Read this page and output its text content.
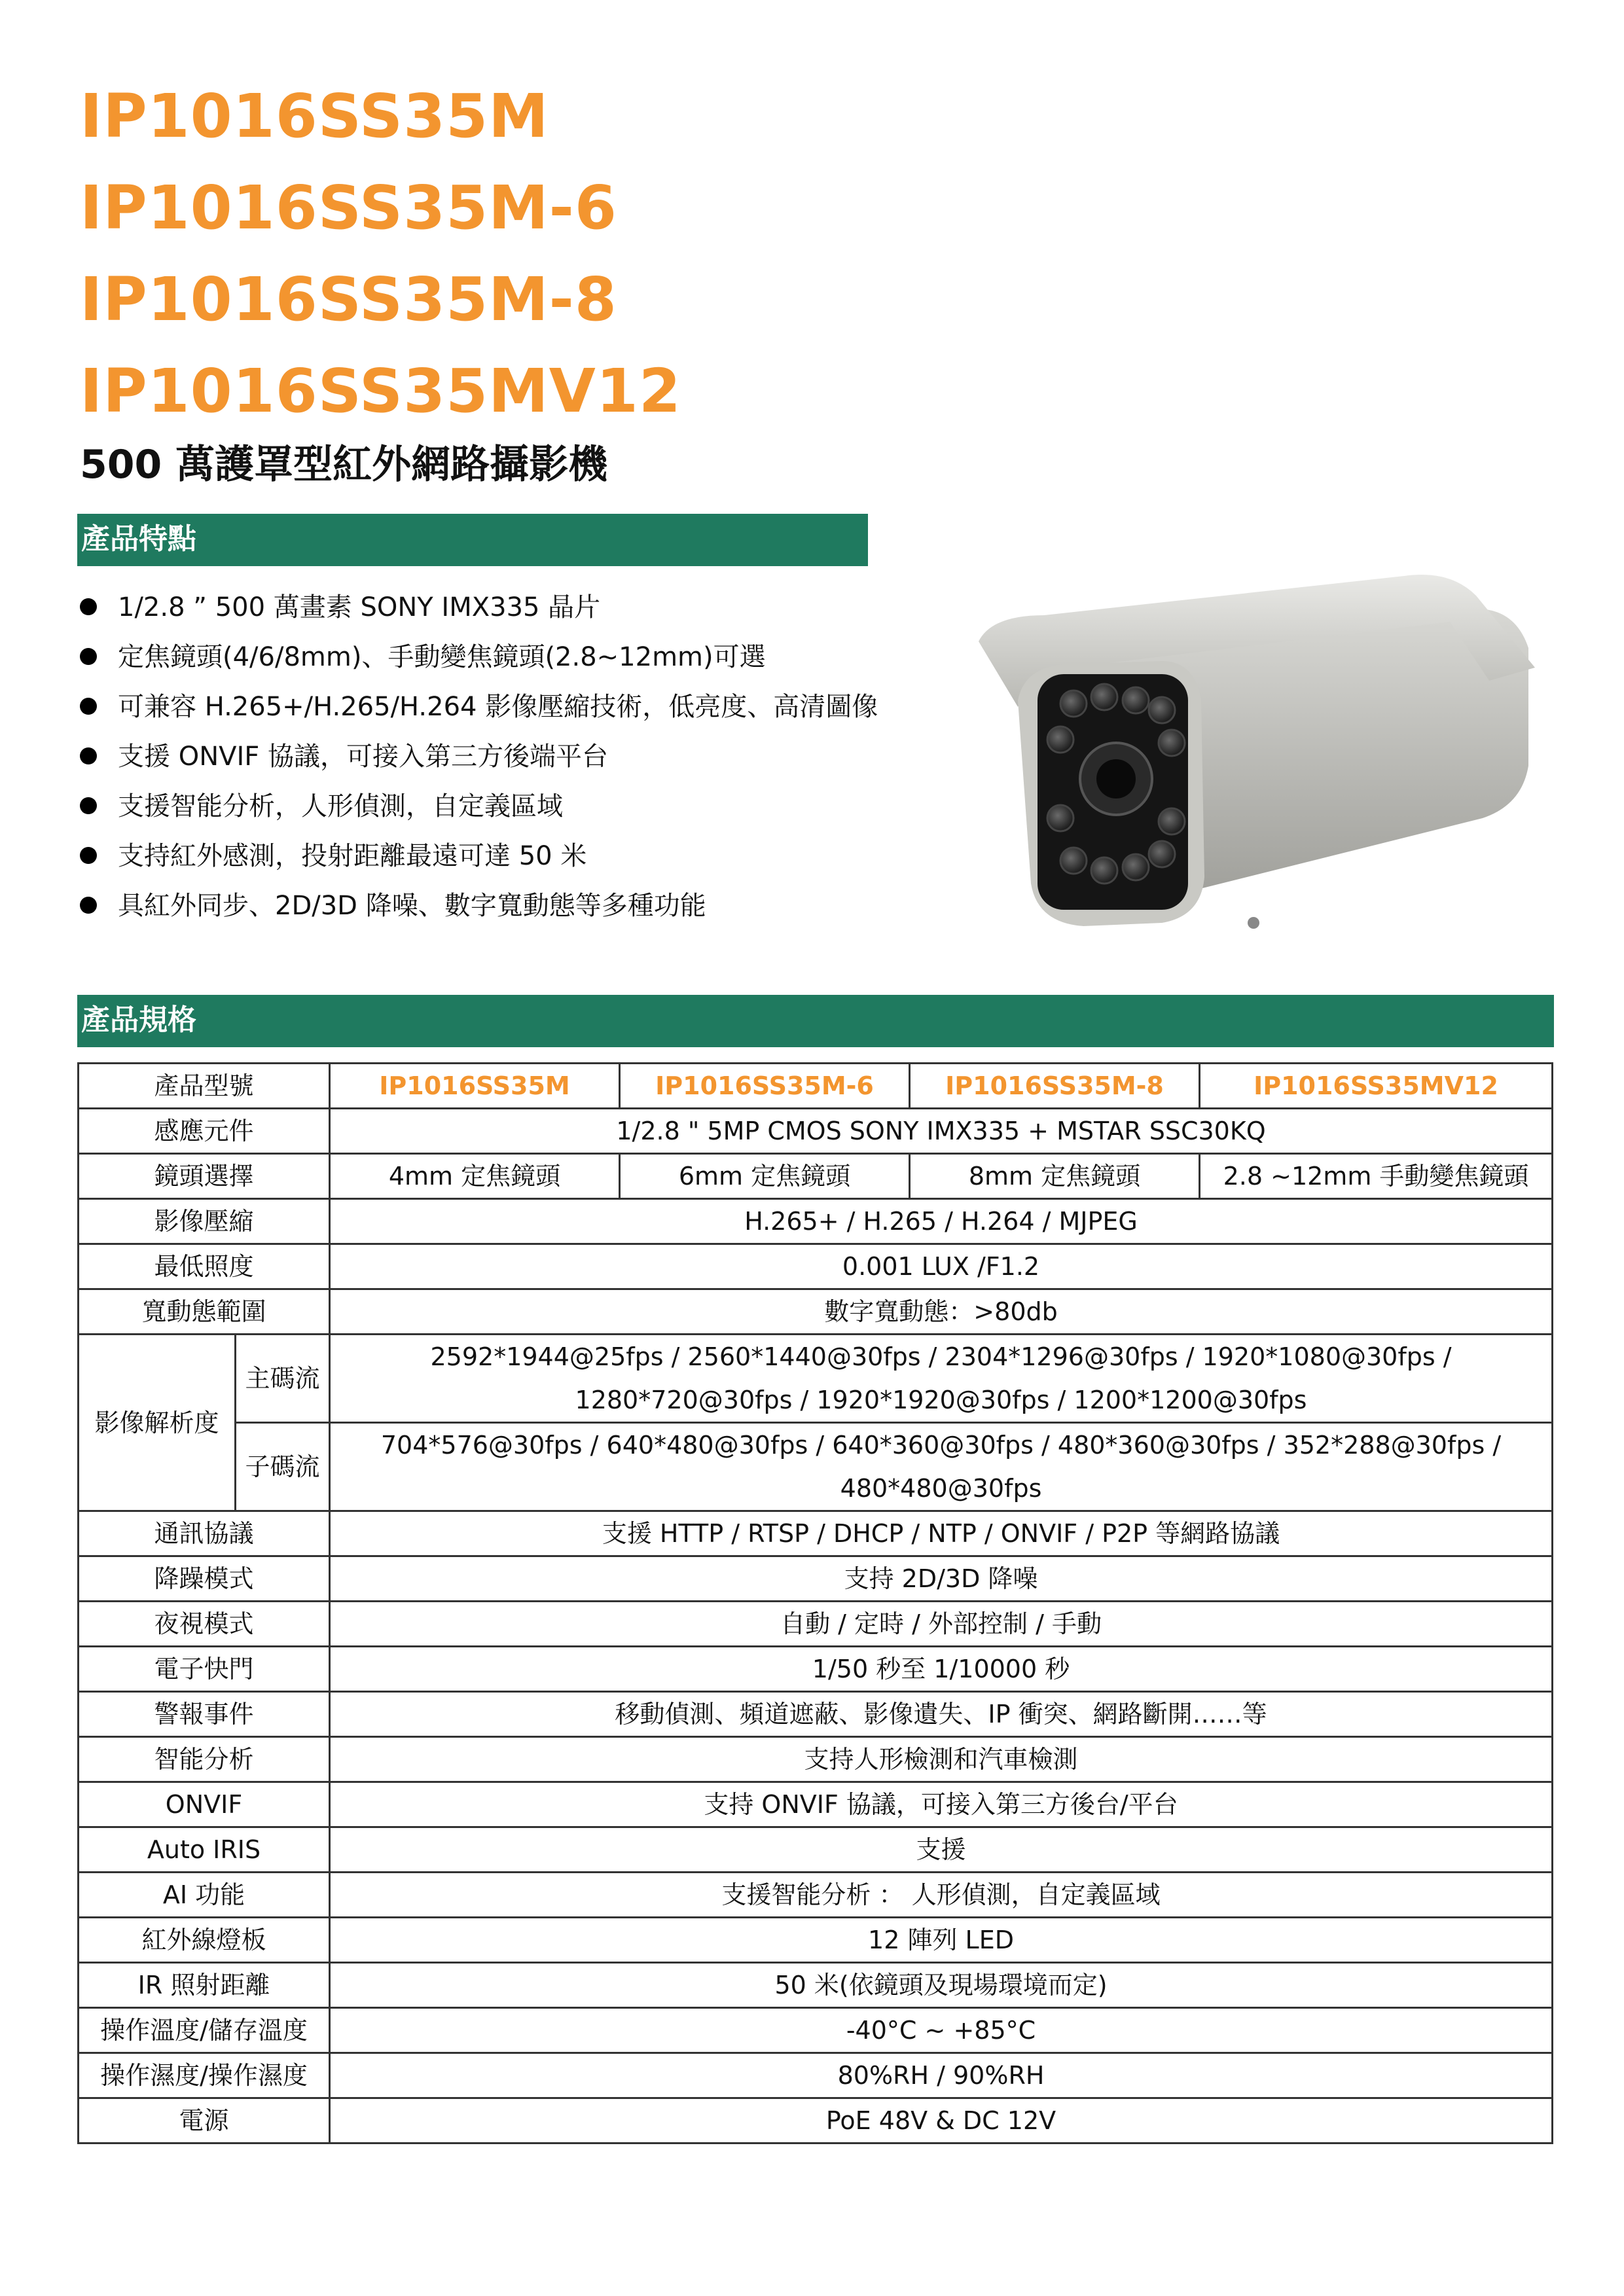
IP1016SS35M
IP1016SS35M-6
IP1016SS35M-8
IP1016SS35MV12
500 萬護罩型紅外網路攝影機
產品特點
1/2.8 ” 500 萬畫素 SONY IMX335 晶片
定焦鏡頭(4/6/8mm)、手動變焦鏡頭(2.8~12mm)可選
可兼容 H.265+/H.265/H.264 影像壓縮技術，低亮度、高清圖像
支援 ONVIF 協議，可接入第三方後端平台
支援智能分析，人形偵測，自定義區域
支持紅外感測，投射距離最遠可達 50 米
具紅外同步、2D/3D 降噪、數字寬動態等多種功能
產品規格
產品型號		IP1016SS35M	IP1016SS35M-6	IP1016SS35M-8	IP1016SS35MV12
感應元件		1/2.8 " 5MP CMOS SONY IMX335 + MSTAR SSC30KQ			
鏡頭選擇		4mm 定焦鏡頭	6mm 定焦鏡頭	8mm 定焦鏡頭	2.8 ~12mm 手動變焦鏡頭
影像壓縮		H.265+ / H.265 / H.264 / MJPEG			
最低照度		0.001 LUX /F1.2			
寬動態範圍		數字寬動態：>80db			
影像解析度	主碼流	2592*1944@25fps / 2560*1440@30fps / 2304*1296@30fps / 1920*1080@30fps / 1280*720@30fps / 1920*1920@30fps / 1200*1200@30fps			
	子碼流	704*576@30fps / 640*480@30fps / 640*360@30fps / 480*360@30fps / 352*288@30fps / 480*480@30fps			
通訊協議		支援 HTTP / RTSP / DHCP / NTP / ONVIF / P2P 等網路協議			
降躁模式		支持 2D/3D 降噪			
夜視模式		自動 / 定時 / 外部控制 / 手動			
電子快門		1/50 秒至 1/10000 秒			
警報事件		移動偵測、頻道遮蔽、影像遺失、IP 衝突、網路斷開……等			
智能分析		支持人形檢測和汽車檢測			
ONVIF		支持 ONVIF 協議，可接入第三方後台/平台			
Auto IRIS		支援			
AI 功能		支援智能分析 ： 人形偵測，自定義區域			
紅外線燈板		12 陣列 LED			
IR 照射距離		50 米(依鏡頭及現場環境而定)			
操作溫度/儲存溫度		-40°C ~ +85°C			
操作濕度/操作濕度		80%RH / 90%RH			
電源		PoE 48V & DC 12V			
